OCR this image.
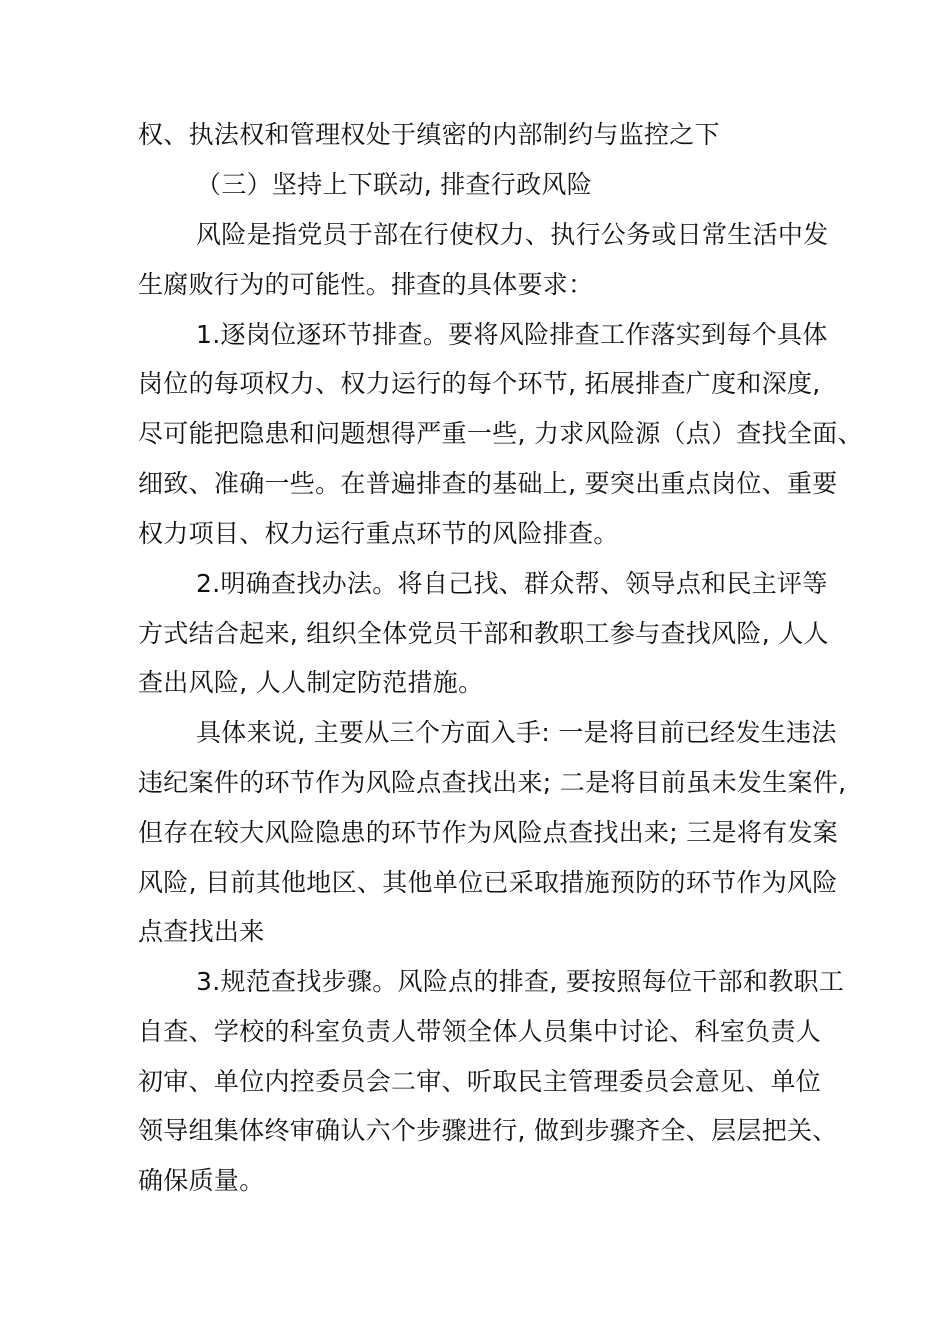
权、执法权和管理权处于缜密的内部制约与监控之下
（三）坚持上下联动, 排查行政风险
风险是指党员于部在行使权力、执行公务或日常生活中发
生腐败行为的可能性。排查的具体要求：
1.逐岗位逐环节排查。要将风险排查工作落实到每个具体
岗位的每项权力、权力运行的每个环节, 拓展排查广度和深度,
尽可能把隐患和问题想得严重一些, 力求风险源（点）查找全面、
细致、准确一些。在普遍排查的基础上, 要突出重点岗位、重要
权力项目、权力运行重点环节的风险排查。
2.明确查找办法。将自己找、群众帮、领导点和民主评等
方式结合起来, 组织全体党员干部和教职工参与查找风险, 人人
查出风险, 人人制定防范措施。
具体来说, 主要从三个方面入手: 一是将目前已经发生违法
违纪案件的环节作为风险点查找出来; 二是将目前虽未发生案件,
但存在较大风险隐患的环节作为风险点查找出来; 三是将有发案
风险, 目前其他地区、其他单位已采取措施预防的环节作为风险
点查找出来
3.规范查找步骤。风险点的排查, 要按照每位干部和教职工
自查、学校的科室负责人带领全体人员集中讨论、科室负责人
初审、单位内控委员会二审、听取民主管理委员会意见、单位
领导组集体终审确认六个步骤进行, 做到步骤齐全、层层把关、
确保质量。
